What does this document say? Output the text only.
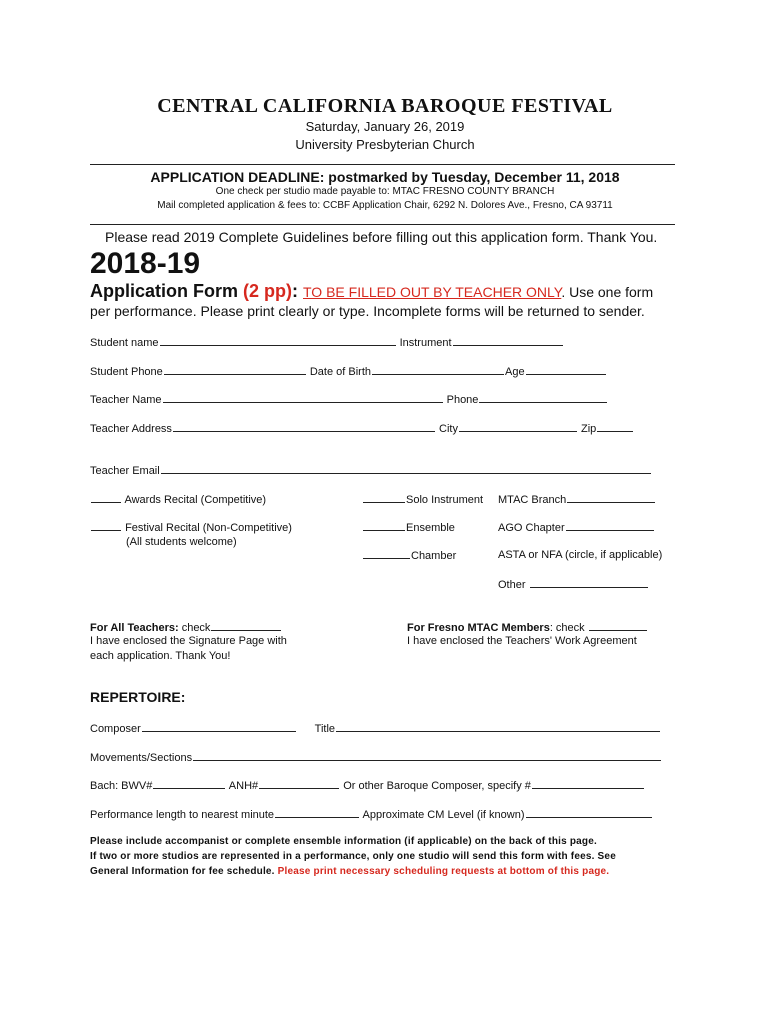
CENTRAL CALIFORNIA BAROQUE FESTIVAL
Saturday, January 26, 2019
University Presbyterian Church
APPLICATION DEADLINE: postmarked by Tuesday, December 11, 2018
One check per studio made payable to: MTAC FRESNO COUNTY BRANCH
Mail completed application & fees to: CCBF Application Chair, 6292 N. Dolores Ave., Fresno, CA 93711
Please read 2019 Complete Guidelines before filling out this application form. Thank You.
2018-19
Application Form (2 pp): TO BE FILLED OUT BY TEACHER ONLY. Use one form
per performance. Please print clearly or type. Incomplete forms will be returned to sender.
Student name	Instrument
Student Phone	Date of Birth	Age
Teacher Name	Phone
Teacher Address	City	Zip
Teacher Email
Awards Recital (Competitive)
Festival Recital (Non-Competitive)
(All students welcome)
Solo Instrument
Ensemble
Chamber
MTAC Branch
AGO Chapter
ASTA or NFA (circle, if applicable)
Other
For All Teachers: check
I have enclosed the Signature Page with
each application. Thank You!
For Fresno MTAC Members: check
I have enclosed the Teachers' Work Agreement
REPERTOIRE:
Composer	Title
Movements/Sections
Bach: BWV#	ANH#	Or other Baroque Composer, specify #
Performance length to nearest minute	Approximate CM Level (if known)
Please include accompanist or complete ensemble information (if applicable) on the back of this page.
If two or more studios are represented in a performance, only one studio will send this form with fees. See
General Information for fee schedule. Please print necessary scheduling requests at bottom of this page.
